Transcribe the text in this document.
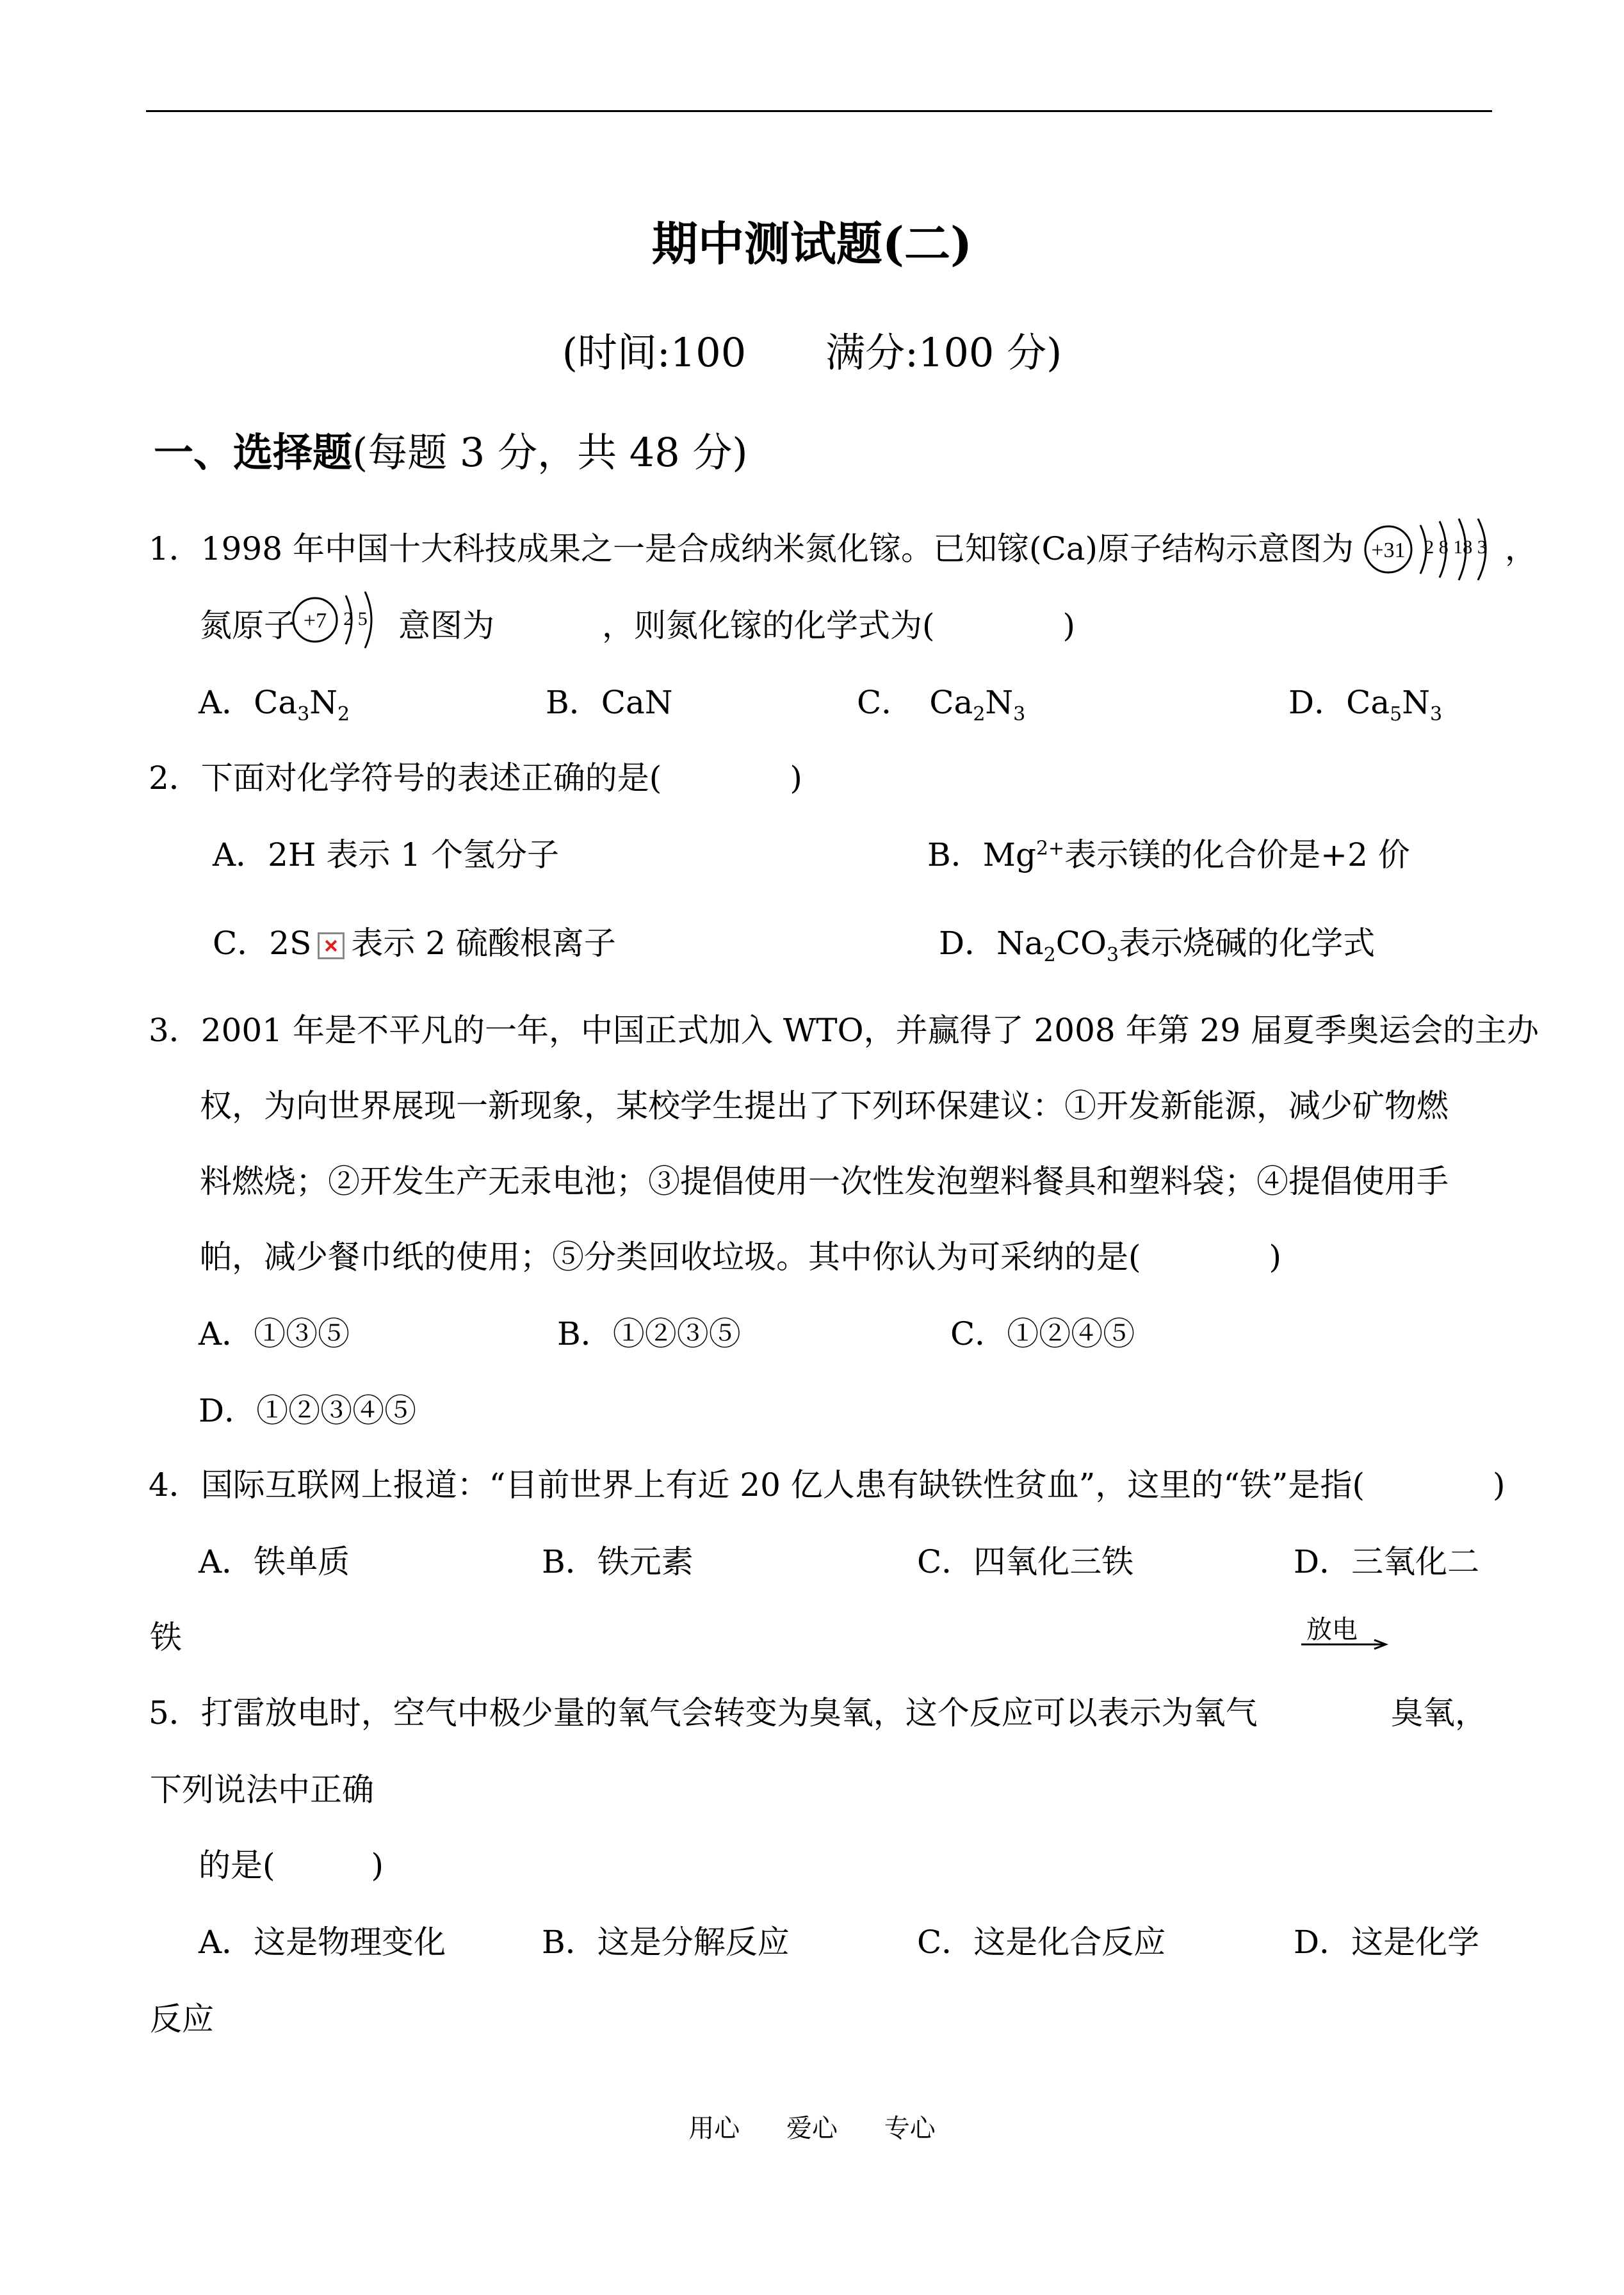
期中测试题(二)
(时间:100　　满分:100 分)
一、选择题(每题 3 分，共 48 分)
1．1998 年中国十大科技成果之一是合成纳米氮化镓。已知镓(Ca)原子结构示意图为 +31 2 8 18 3 ，
氮原子 +7 2 5 意图为	，则氮化镓的化学式为(　　　　)
A．$Ca_3N_2$	B．CaN	C．　$Ca_2N_3$	D．$Ca_5N_3$
2．下面对化学符号的表述正确的是(　　　　)
A．2H 表示 1 个氢分子	B．$Mg^{2+}$表示镁的化合价是+2 价
C．2S 表示 2 硫酸根离子	D．$Na_2CO_3$表示烧碱的化学式
3．2001 年是不平凡的一年，中国正式加入 WTO，并赢得了 2008 年第 29 届夏季奥运会的主办
权，为向世界展现一新现象，某校学生提出了下列环保建议：①开发新能源，减少矿物燃
料燃烧；②开发生产无汞电池；③提倡使用一次性发泡塑料餐具和塑料袋；④提倡使用手
帕，减少餐巾纸的使用；⑤分类回收垃圾。其中你认为可采纳的是(　　　　)
A．①③⑤	B．①②③⑤	C．①②④⑤
D．①②③④⑤
4．国际互联网上报道：“目前世界上有近 20 亿人患有缺铁性贫血”，这里的“铁”是指(　　　　)
A．铁单质	B．铁元素	C．四氧化三铁	D．三氧化二
铁	放电
5．打雷放电时，空气中极少量的氧气会转变为臭氧，这个反应可以表示为氧气	臭氧，
下列说法中正确
的是(　　　)
A．这是物理变化	B．这是分解反应	C．这是化合反应	D．这是化学
反应
用心 爱心 专心
